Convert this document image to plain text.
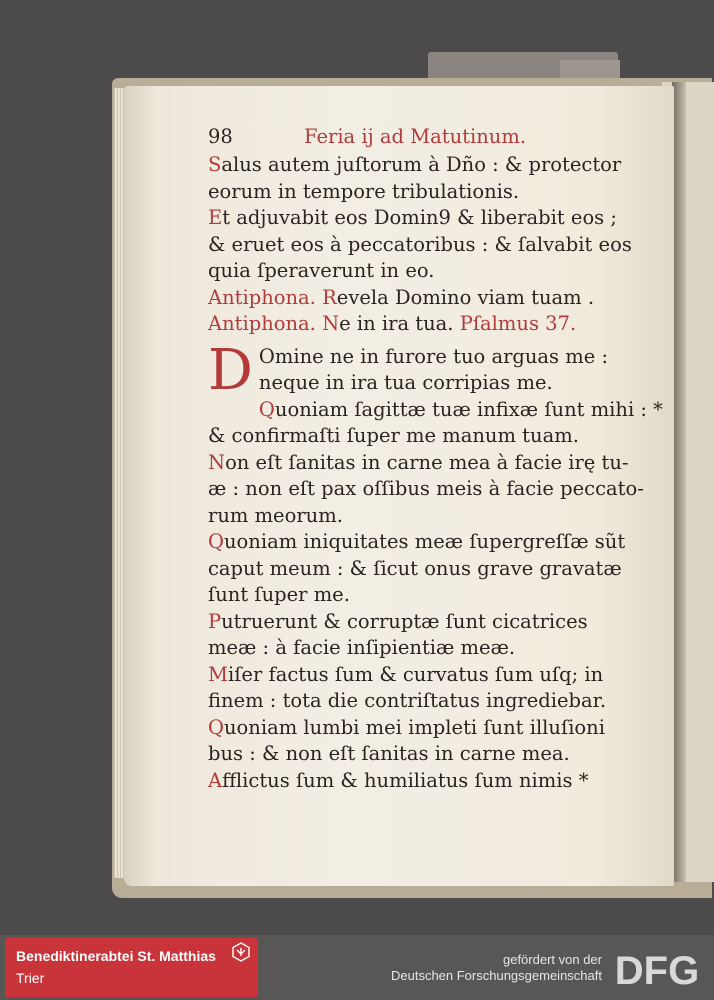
98	Feria ij ad Matutinum.
Salus autem juſtorum à Dño : & protector
eorum in tempore tribulationis.
Et adjuvabit eos Domin9 & liberabit eos ;
& eruet eos à peccatoribus : & ſalvabit eos
quia ſperaverunt in eo.
Antiphona. Revela Domino viam tuam .
Antiphona. Ne in ira tua. Pſalmus 37.
D Omine ne in furore tuo arguas me :
neque in ira tua corripias me.
Quoniam ſagittæ tuæ infixæ ſunt mihi : *
& confirmaſti ſuper me manum tuam.
Non eſt ſanitas in carne mea à facie irę tu-
æ : non eſt pax oſſibus meis à facie peccato-
rum meorum.
Quoniam iniquitates meæ ſupergreſſæ sũt
caput meum : & ſicut onus grave gravatæ
ſunt ſuper me.
Putruerunt & corruptæ ſunt cicatrices
meæ : à facie inſipientiæ meæ.
Miſer factus ſum & curvatus ſum uſq; in
finem : tota die contriſtatus ingrediebar.
Quoniam lumbi mei impleti ſunt illuſioni
bus : & non eſt ſanitas in carne mea.
Afflictus ſum & humiliatus ſum nimis *
Benediktinerabtei St. Matthias
Trier
gefördert von der
Deutschen Forschungsgemeinschaft DFG
